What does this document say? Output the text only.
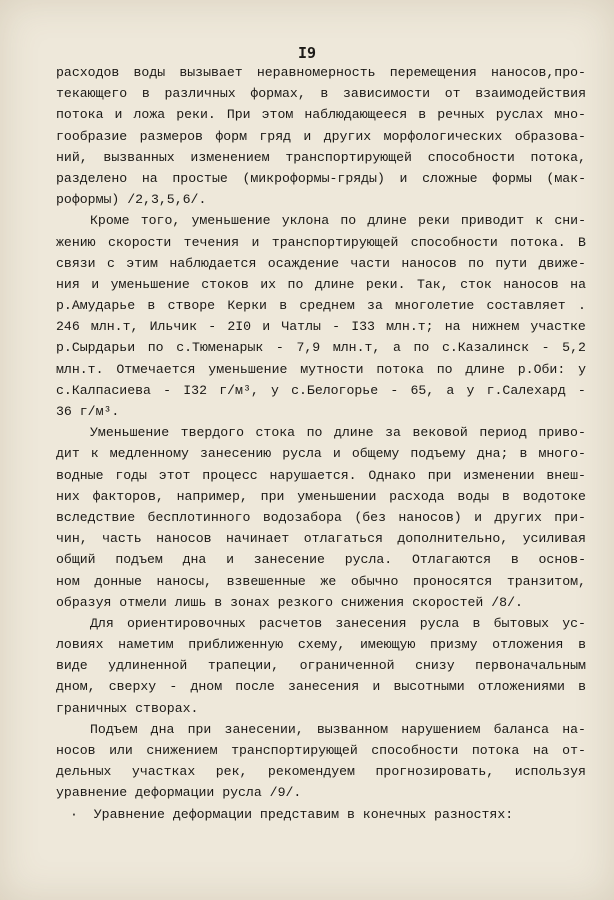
I9
расходов воды вызывает неравномерность перемещения наносов,про-
текающего в различных формах, в зависимости от взаимодействия
потока и ложа реки. При этом наблюдающееся в речных руслах мно-
гообразие размеров форм гряд и других морфологических образова-
ний, вызванных изменением транспортирующей способности потока,
разделено на простые (микроформы-гряды) и сложные формы (мак-
роформы) /2,3,5,6/.
Кроме того, уменьшение уклона по длине реки приводит к сни-
жению скорости течения и транспортирующей способности потока. В
связи с этим наблюдается осаждение части наносов по пути движе-
ния и уменьшение стоков их по длине реки. Так, сток наносов на
р.Амударье в створе Керки в среднем за многолетие составляет .
246 млн.т, Ильчик - 2I0 и Чатлы - I33 млн.т; на нижнем участке
р.Сырдарьи по с.Тюменарык - 7,9 млн.т, а по с.Казалинск - 5,2
млн.т. Отмечается уменьшение мутности потока по длине р.Оби: у
с.Калпасиева - I32 г/м³, у с.Белогорье - 65, а у г.Салехард -
36 г/м³.
Уменьшение твердого стока по длине за вековой период приво-
дит к медленному занесению русла и общему подъему дна; в много-
водные годы этот процесс нарушается. Однако при изменении внеш-
них факторов, например, при уменьшении расхода воды в водотоке
вследствие бесплотинного водозабора (без наносов) и других при-
чин, часть наносов начинает отлагаться дополнительно, усиливая
общий подъем дна и занесение русла. Отлагаются в основ-
ном донные наносы, взвешенные же обычно проносятся транзитом,
образуя отмели лишь в зонах резкого снижения скоростей /8/.
Для ориентировочных расчетов занесения русла в бытовых ус-
ловиях наметим приближенную схему, имеющую призму отложения в
виде удлиненной трапеции, ограниченной снизу первоначальным
дном, сверху - дном после занесения и высотными отложениями в
граничных створах.
Подъем дна при занесении, вызванном нарушением баланса на-
носов или снижением транспортирующей способности потока на от-
дельных участках рек, рекомендуем прогнозировать, используя
уравнение деформации русла /9/.
·  Уравнение деформации представим в конечных разностях:
